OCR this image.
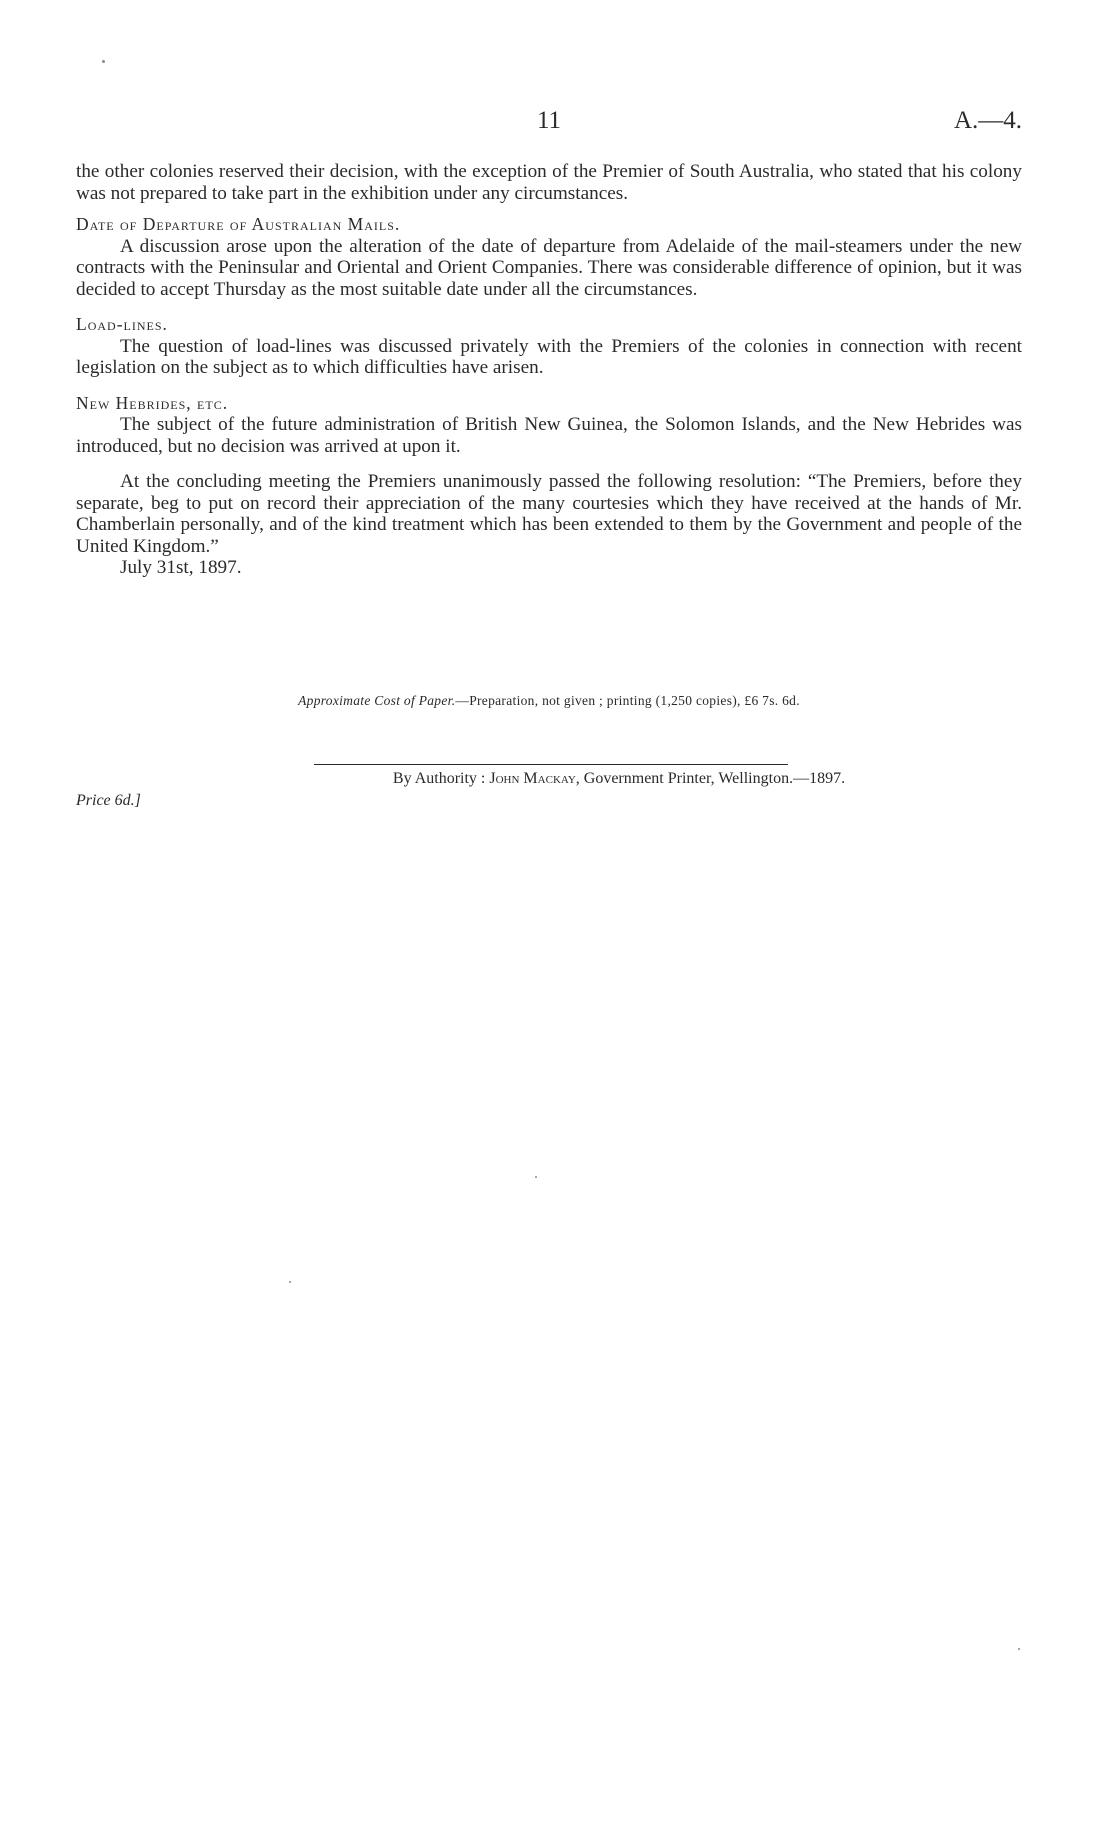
11	A.—4.

the other colonies reserved their decision, with the exception of the Premier of South Australia, who stated that his colony was not prepared to take part in the exhibition under any circumstances.

Date of Departure of Australian Mails.

A discussion arose upon the alteration of the date of departure from Adelaide of the mail-steamers under the new contracts with the Peninsular and Oriental and Orient Companies. There was considerable difference of opinion, but it was decided to accept Thursday as the most suitable date under all the circumstances.

Load-lines.

The question of load-lines was discussed privately with the Premiers of the colonies in connection with recent legislation on the subject as to which difficulties have arisen.

New Hebrides, etc.

The subject of the future administration of British New Guinea, the Solomon Islands, and the New Hebrides was introduced, but no decision was arrived at upon it.

At the concluding meeting the Premiers unanimously passed the following resolution: “The Premiers, before they separate, beg to put on record their appreciation of the many courtesies which they have received at the hands of Mr. Chamberlain personally, and of the kind treatment which has been extended to them by the Government and people of the United Kingdom.”

July 31st, 1897.

Approximate Cost of Paper.—Preparation, not given ; printing (1,250 copies), £6 7s. 6d.
By Authority : John Mackay, Government Printer, Wellington.—1897.
Price 6d.]
